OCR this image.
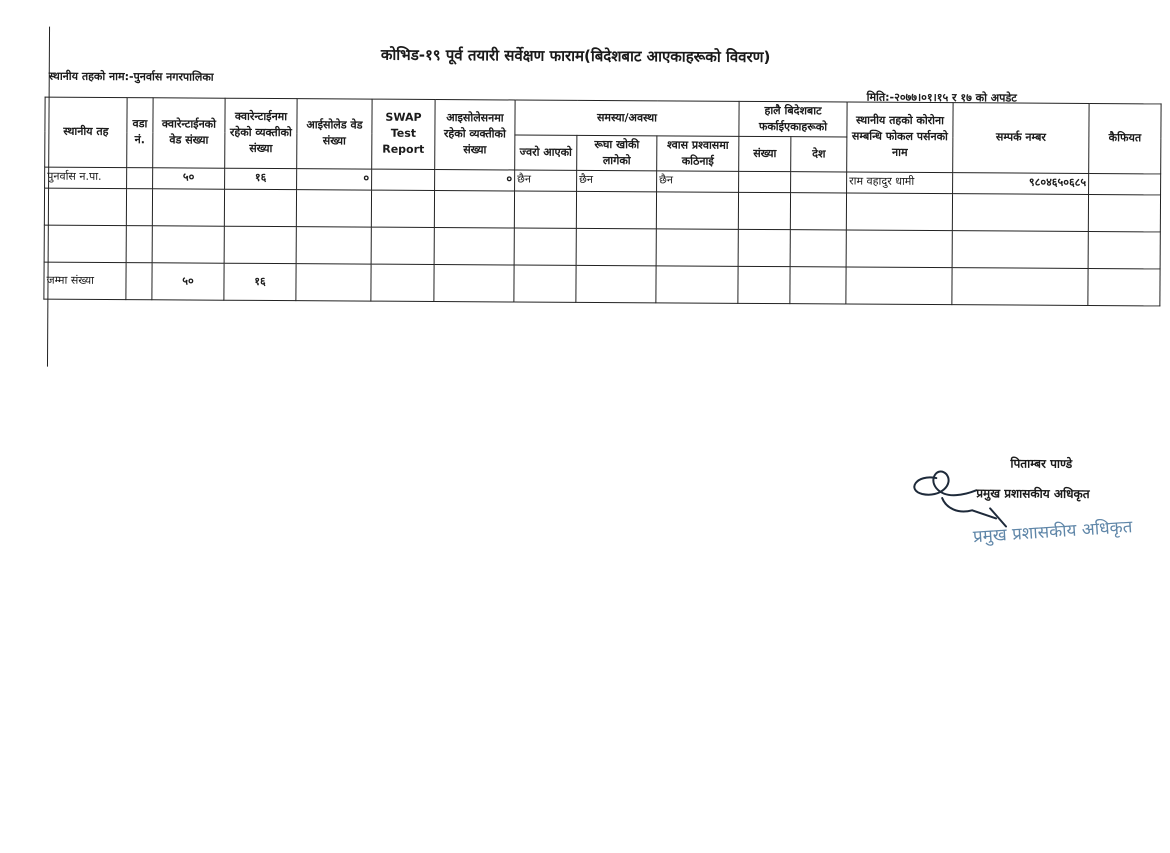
कोभिड-१९ पूर्व तयारी सर्वेक्षण फाराम(बिदेशबाट आएकाहरूको विवरण)
स्थानीय तहको नाम:-पुनर्वास नगरपालिका
मिति:-२०७७।०१।१५ र १७ को अपडेट
स्थानीय तह	वडा नं.	क्वारेन्टाईनको वेड संख्या	क्वारेन्टाईनमा रहेको व्यक्तीको संख्या	आईसोलेड वेड संख्या	SWAP Test Report	आइसोलेसनमा रहेको व्यक्तीको संख्या	समस्या/अवस्था			हालै बिदेशबाट फर्काईएकाहरूको		स्थानीय तहको कोरोना सम्बन्धि फोकल पर्सनको नाम	सम्पर्क नम्बर	कैफियत
							ज्वरो आएको	रूघा खोकी लागेको	श्वास प्रश्वासमा कठिनाई	संख्या	देश			
पुनर्वास न.पा.		५०	१६	०		०	छैन	छैन	छैन			राम वहादुर धामी	९८०४६५०६८५	

जम्मा संख्या		५०	१६											
पिताम्बर पाण्डे
प्रमुख प्रशासकीय अधिकृत
प्रमुख प्रशासकीय अधिकृत
